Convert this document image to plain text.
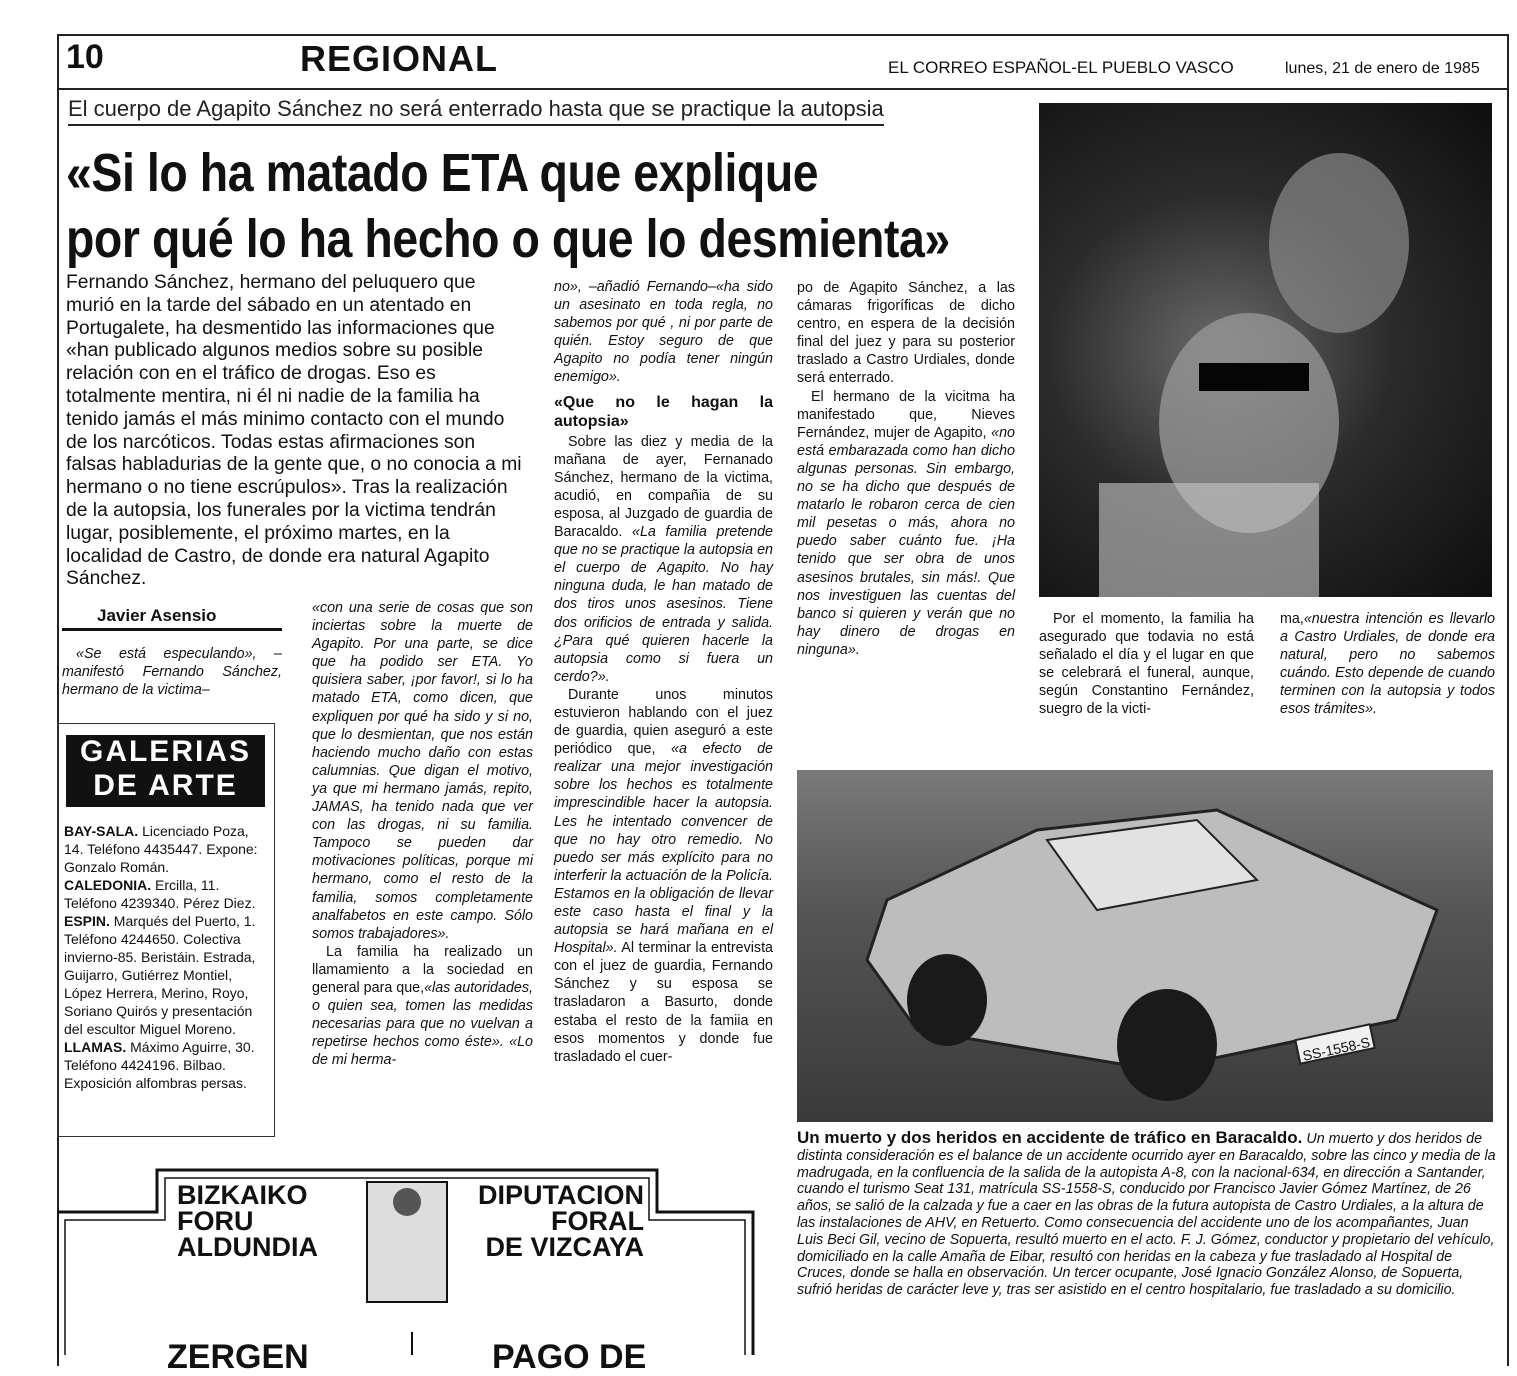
10	REGIONAL	EL CORREO ESPAÑOL-EL PUEBLO VASCO	lunes, 21 de enero de 1985
El cuerpo de Agapito Sánchez no será enterrado hasta que se practique la autopsia
«Si lo ha matado ETA que explique
por qué lo ha hecho o que lo desmienta»
Fernando Sánchez, hermano del peluquero que murió en la tarde del sábado en un atentado en Portugalete, ha desmentido las informaciones que «han publicado algunos medios sobre su posible relación con en el tráfico de drogas. Eso es totalmente mentira, ni él ni nadie de la familia ha tenido jamás el más minimo contacto con el mundo de los narcóticos. Todas estas afirmaciones son falsas habladurias de la gente que, o no conocia a mi hermano o no tiene escrúpulos». Tras la realización de la autopsia, los funerales por la victima tendrán lugar, posiblemente, el próximo martes, en la localidad de Castro, de donde era natural Agapito Sánchez.
Javier Asensio

«Se está especulando», –manifestó Fernando Sánchez, hermano de la victima–

«con una serie de cosas que son inciertas sobre la muerte de Agapito. Por una parte, se dice que ha podido ser ETA. Yo quisiera saber, ¡por favor!, si lo ha matado ETA, como dicen, que expliquen por qué ha sido y si no, que lo desmientan, que nos están haciendo mucho daño con estas calumnias. Que digan el motivo, ya que mi hermano jamás, repito, JAMAS, ha tenido nada que ver con las drogas, ni su familia. Tampoco se pueden dar motivaciones políticas, porque mi hermano, como el resto de la familia, somos completamente analfabetos en este campo. Sólo somos trabajadores».

La familia ha realizado un llamamiento a la sociedad en general para que,«las autoridades, o quien sea, tomen las medidas necesarias para que no vuelvan a repetirse hechos como éste». «Lo de mi herma-

no», –añadió Fernando–«ha sido un asesinato en toda regla, no sabemos por qué , ni por parte de quién. Estoy seguro de que Agapito no podía tener ningún enemigo».

«Que no le hagan la autopsia»

Sobre las diez y media de la mañana de ayer, Fernanado Sánchez, hermano de la victima, acudió, en compañia de su esposa, al Juzgado de guardia de Baracaldo. «La familia pretende que no se practique la autopsia en el cuerpo de Agapito. No hay ninguna duda, le han matado de dos tiros unos asesinos. Tiene dos orificios de entrada y salida. ¿Para qué quieren hacerle la autopsia como si fuera un cerdo?».

Durante unos minutos estuvieron hablando con el juez de guardia, quien aseguró a este periódico que, «a efecto de realizar una mejor investigación sobre los hechos es totalmente imprescindible hacer la autopsia. Les he intentado convencer de que no hay otro remedio. No puedo ser más explícito para no interferir la actuación de la Policía. Estamos en la obligación de llevar este caso hasta el final y la autopsia se hará mañana en el Hospital». Al terminar la entrevista con el juez de guardia, Fernando Sánchez y su esposa se trasladaron a Basurto, donde estaba el resto de la famiia en esos momentos y donde fue trasladado el cuer-

po de Agapito Sánchez, a las cámaras frigoríficas de dicho centro, en espera de la decisión final del juez y para su posterior traslado a Castro Urdiales, donde será enterrado.

El hermano de la vicitma ha manifestado que, Nieves Fernández, mujer de Agapito, «no está embarazada como han dicho algunas personas. Sin embargo, no se ha dicho que después de matarlo le robaron cerca de cien mil pesetas o más, ahora no puedo saber cuánto fue. ¡Ha tenido que ser obra de unos asesinos brutales, sin más!. Que nos investiguen las cuentas del banco si quieren y verán que no hay dinero de drogas en ninguna».

Por el momento, la familia ha asegurado que todavia no está señalado el día y el lugar en que se celebrará el funeral, aunque, según Constantino Fernández, suegro de la victi-

ma,«nuestra intención es llevarlo a Castro Urdiales, de donde era natural, pero no sabemos cuándo. Esto depende de cuando terminen con la autopsia y todos esos trámites».

GALERIAS
DE ARTE
BAY-SALA. Licenciado Poza, 14. Teléfono 4435447. Expone: Gonzalo Román.
CALEDONIA. Ercilla, 11. Teléfono 4239340. Pérez Diez.
ESPIN. Marqués del Puerto, 1. Teléfono 4244650. Colectiva invierno-85. Beristáin. Estrada, Guijarro, Gutiérrez Montiel, López Herrera, Merino, Royo, Soriano Quirós y presentación del escultor Miguel Moreno.
LLAMAS. Máximo Aguirre, 30. Teléfono 4424196. Bilbao. Exposición alfombras persas.
SS-1558-S
Un muerto y dos heridos en accidente de tráfico en Baracaldo. Un muerto y dos heridos de distinta consideración es el balance de un accidente ocurrido ayer en Baracaldo, sobre las cinco y media de la madrugada, en la confluencia de la salida de la autopista A-8, con la nacional-634, en dirección a Santander, cuando el turismo Seat 131, matrícula SS-1558-S, conducido por Francisco Javier Gómez Martínez, de 26 años, se salió de la calzada y fue a caer en las obras de la futura autopista de Castro Urdiales, a la altura de las instalaciones de AHV, en Retuerto. Como consecuencia del accidente uno de los acompañantes, Juan Luis Beci Gil, vecino de Sopuerta, resultó muerto en el acto. F. J. Gómez, conductor y propietario del vehículo, domiciliado en la calle Amaña de Eibar, resultó con heridas en la cabeza y fue trasladado al Hospital de Cruces, donde se halla en observación. Un tercer ocupante, José Ignacio González Alonso, de Sopuerta, sufrió heridas de carácter leve y, tras ser asistido en el centro hospitalario, fue trasladado a su domicilio.
BIZKAIKO
FORU
ALDUNDIA
DIPUTACION
FORAL
DE VIZCAYA
ZERGEN	PAGO DE
